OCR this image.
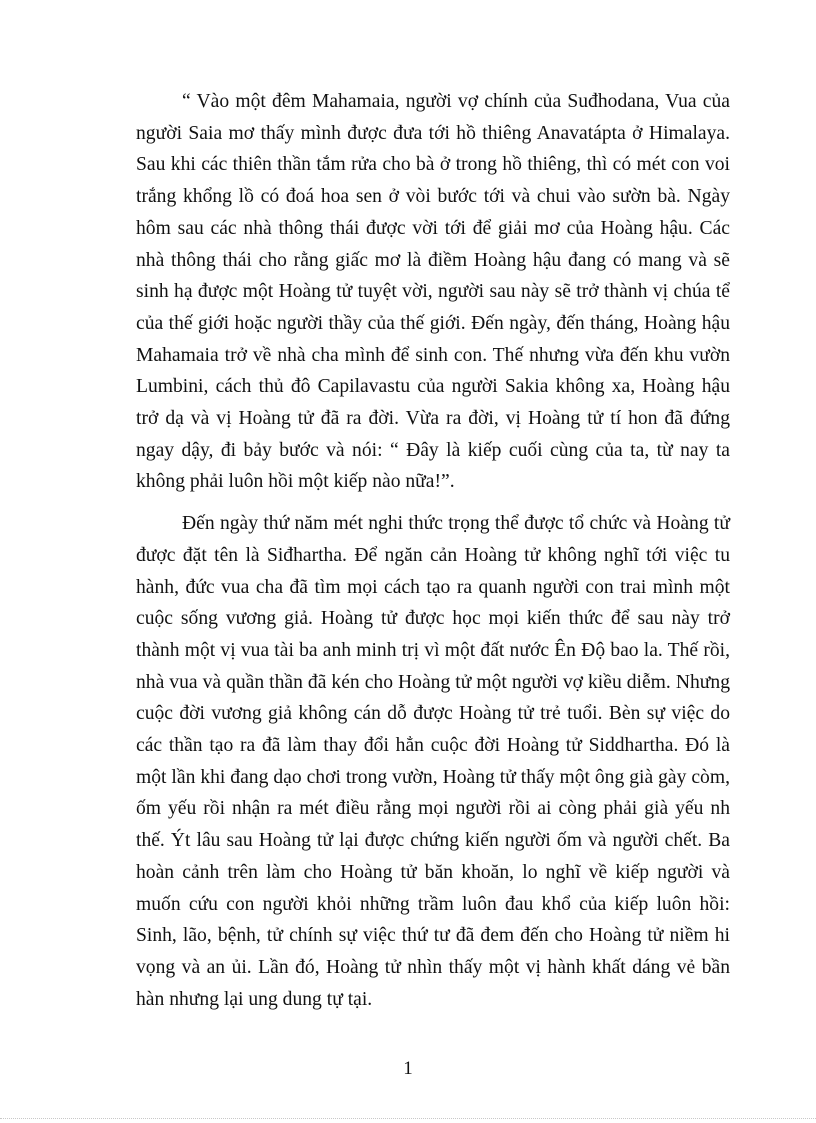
“ Vào một đêm Mahamaia, người vợ chính của Suđhodana, Vua của người Saia mơ thấy mình được đưa tới hồ thiêng Anavatápta ở Himalaya. Sau khi các thiên thần tắm rửa cho bà ở trong hồ thiêng, thì có mét con voi trắng khổng lồ có đoá hoa sen ở vòi bước tới và chui vào sườn bà. Ngày hôm sau các nhà thông thái được vời tới để giải mơ của Hoàng hậu. Các nhà thông thái cho rằng giấc mơ là điềm Hoàng hậu đang có mang và sẽ sinh hạ được một Hoàng tử tuyệt vời, người sau này sẽ trở thành vị chúa tể của thế giới hoặc người thầy của thế giới. Đến ngày, đến tháng, Hoàng hậu Mahamaia trở về nhà cha mình để sinh con. Thế nhưng vừa đến khu vườn Lumbini, cách thủ đô Capilavastu của người Sakia không xa, Hoàng hậu trở dạ và vị Hoàng tử đã ra đời. Vừa ra đời, vị Hoàng tử tí hon đã đứng ngay dậy, đi bảy bước và nói: “ Đây là kiếp cuối cùng của ta, từ nay ta không phải luôn hồi một kiếp nào nữa!”.

Đến ngày thứ năm mét nghi thức trọng thể được tổ chức và Hoàng tử được đặt tên là Siđhartha. Để ngăn cản Hoàng tử không nghĩ tới việc tu hành, đức vua cha đã tìm mọi cách tạo ra quanh người con trai mình một cuộc sống vương giả. Hoàng tử được học mọi kiến thức để sau này trở thành một vị vua tài ba anh minh trị vì một đất nước Ên Độ bao la. Thế rồi, nhà vua và quần thần đã kén cho Hoàng tử một người vợ kiều diễm. Nhưng cuộc đời vương giả không cán dỗ được Hoàng tử trẻ tuổi. Bèn sự việc do các thần tạo ra đã làm thay đổi hẳn cuộc đời Hoàng tử Siddhartha. Đó là một lần khi đang dạo chơi trong vườn, Hoàng tử thấy một ông già gày còm, ốm yếu rồi nhận ra mét điều rằng mọi người rồi ai còng phải già yếu nh thế. Ýt lâu sau Hoàng tử lại được chứng kiến người ốm và người chết. Ba hoàn cảnh trên làm cho Hoàng tử băn khoăn, lo nghĩ về kiếp người và muốn cứu con người khỏi những trầm luôn đau khổ của kiếp luôn hồi: Sinh, lão, bệnh, tử chính sự việc thứ tư đã đem đến cho Hoàng tử niềm hi vọng và an ủi. Lần đó, Hoàng tử nhìn thấy một vị hành khất dáng vẻ bần hàn nhưng lại ung dung tự tại.

1
